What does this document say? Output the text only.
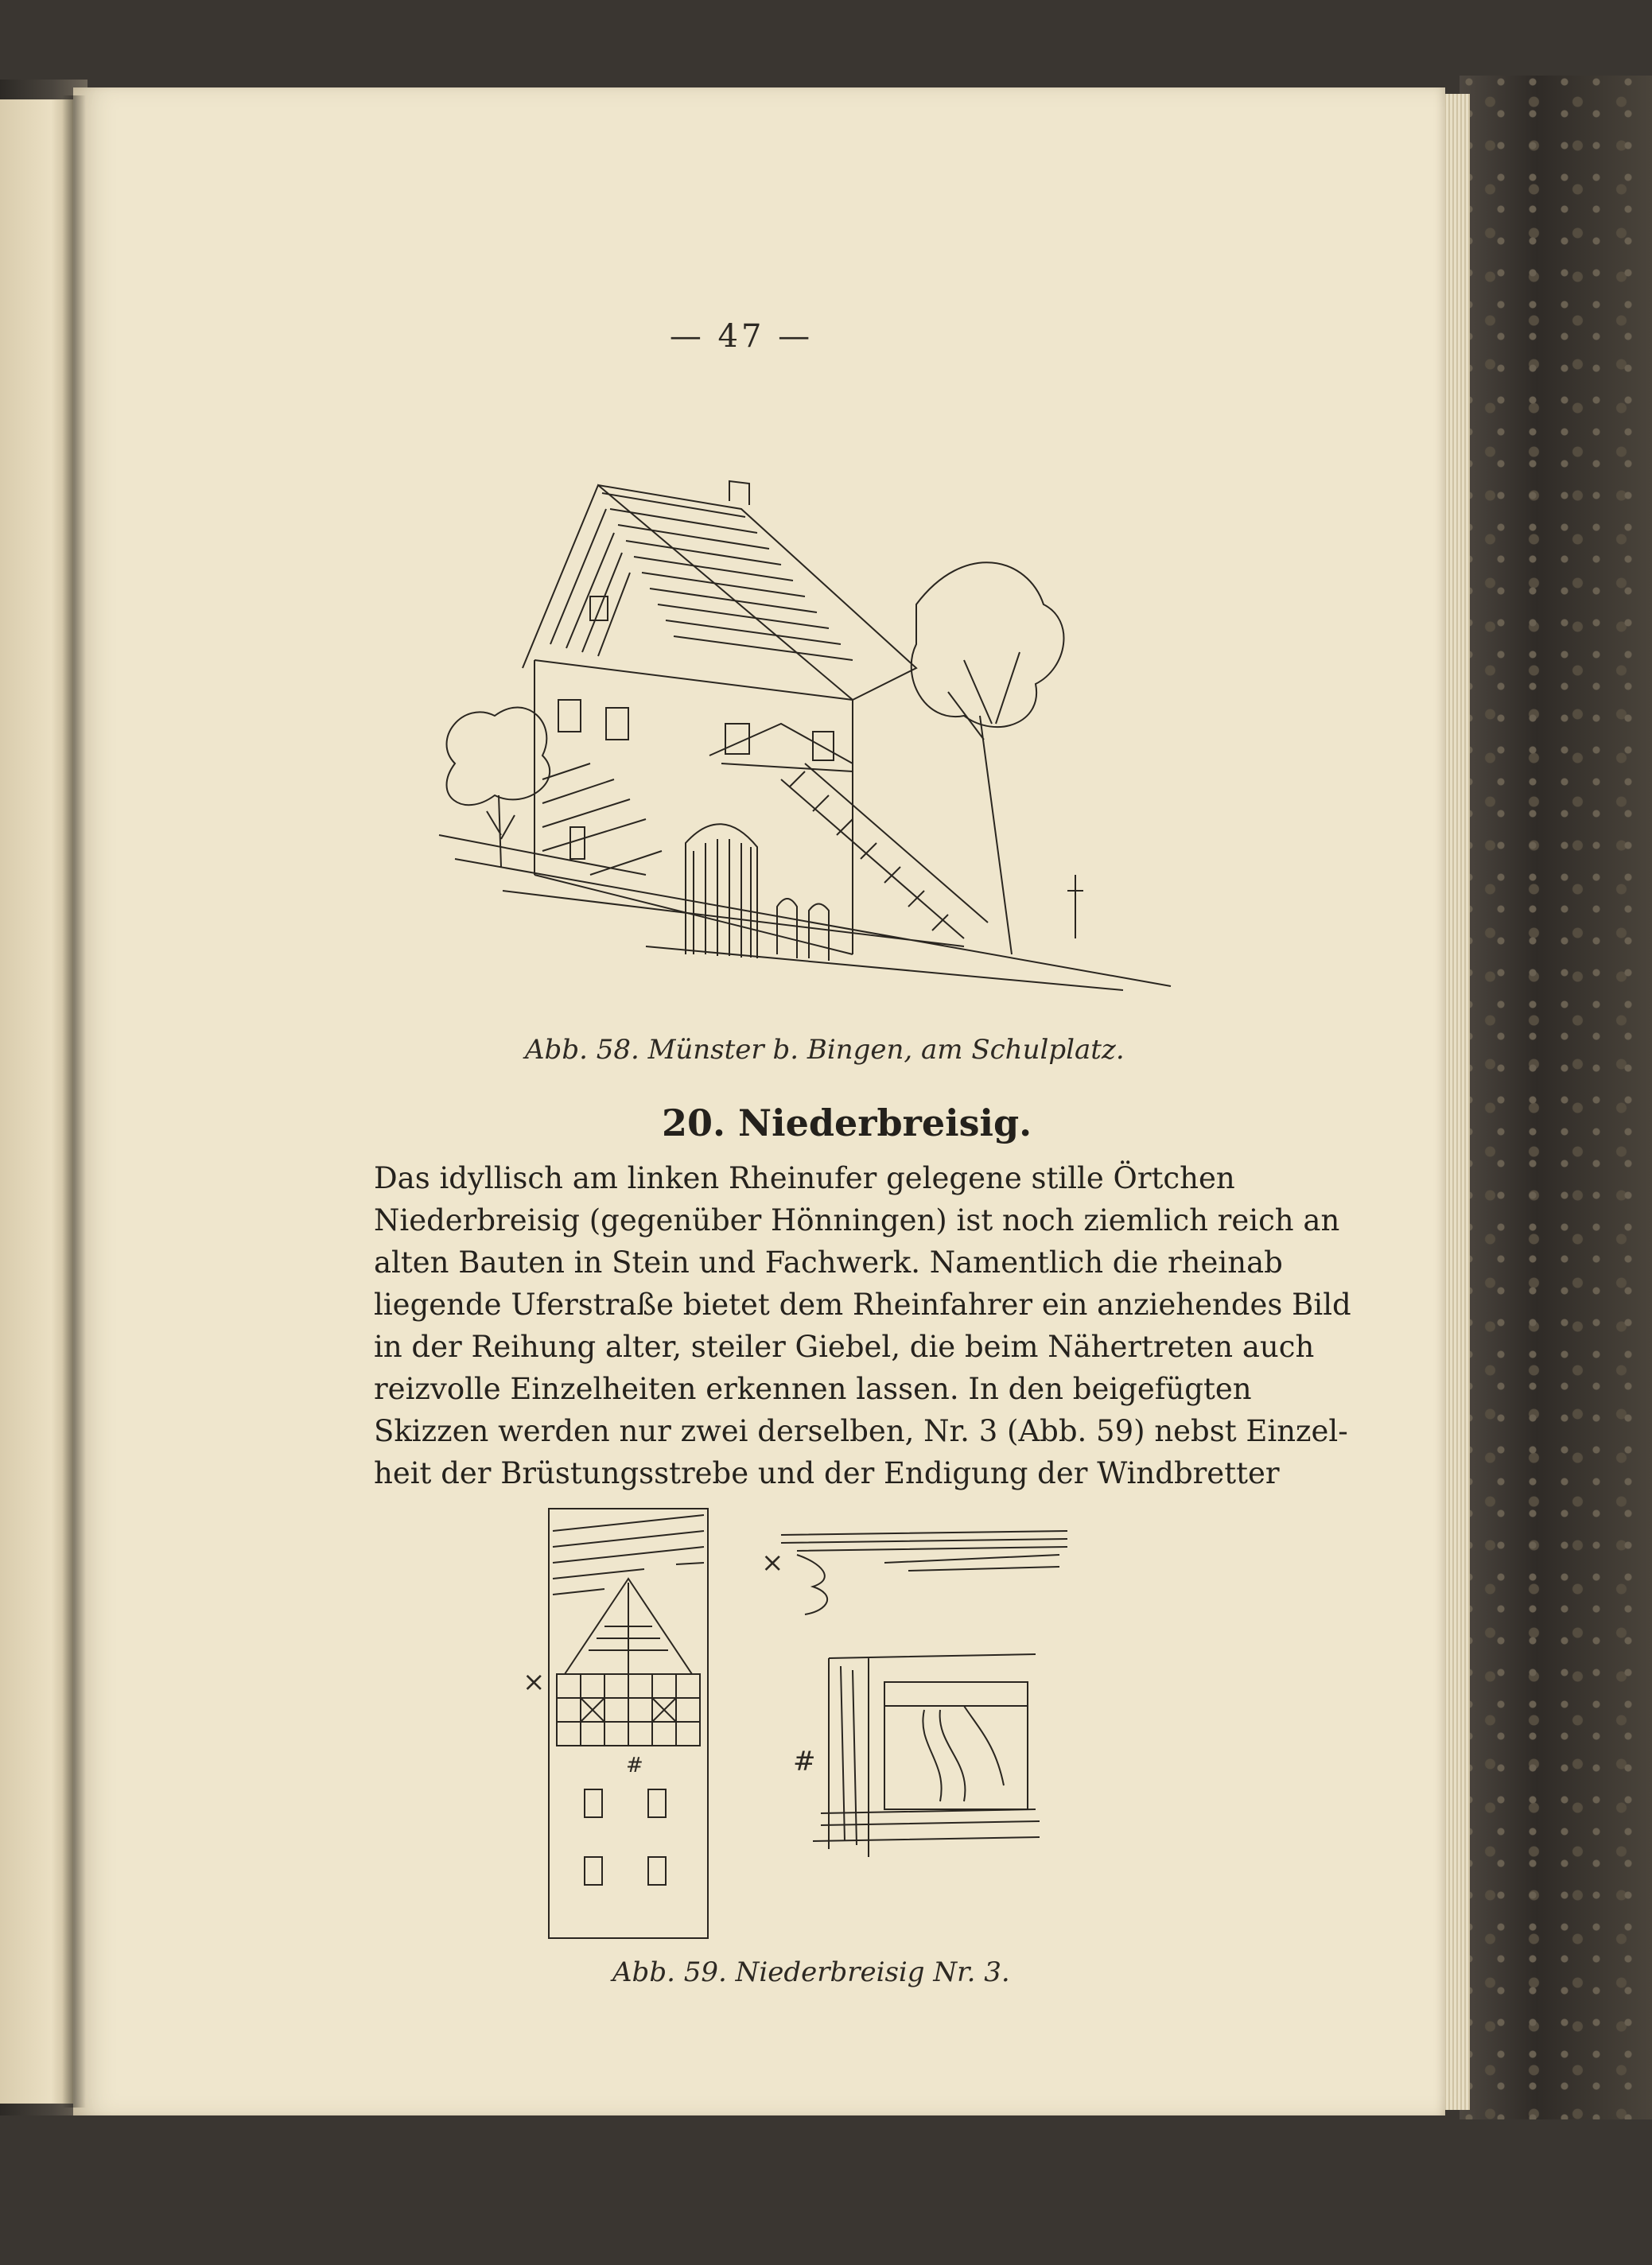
— 47 —
Abb. 58. Münster b. Bingen, am Schulplatz.
20. Niederbreisig.
Das idyllisch am linken Rheinufer gelegene stille Örtchen
Niederbreisig (gegenüber Hönningen) ist noch ziemlich reich an
alten Bauten in Stein und Fachwerk. Namentlich die rheinab
liegende Uferstraße bietet dem Rheinfahrer ein anziehendes Bild
in der Reihung alter, steiler Giebel, die beim Nähertreten auch
reizvolle Einzelheiten erkennen lassen. In den beigefügten
Skizzen werden nur zwei derselben, Nr. 3 (Abb. 59) nebst Einzel-
heit der Brüstungsstrebe und der Endigung der Windbretter
×
#
×
#
Abb. 59. Niederbreisig Nr. 3.
